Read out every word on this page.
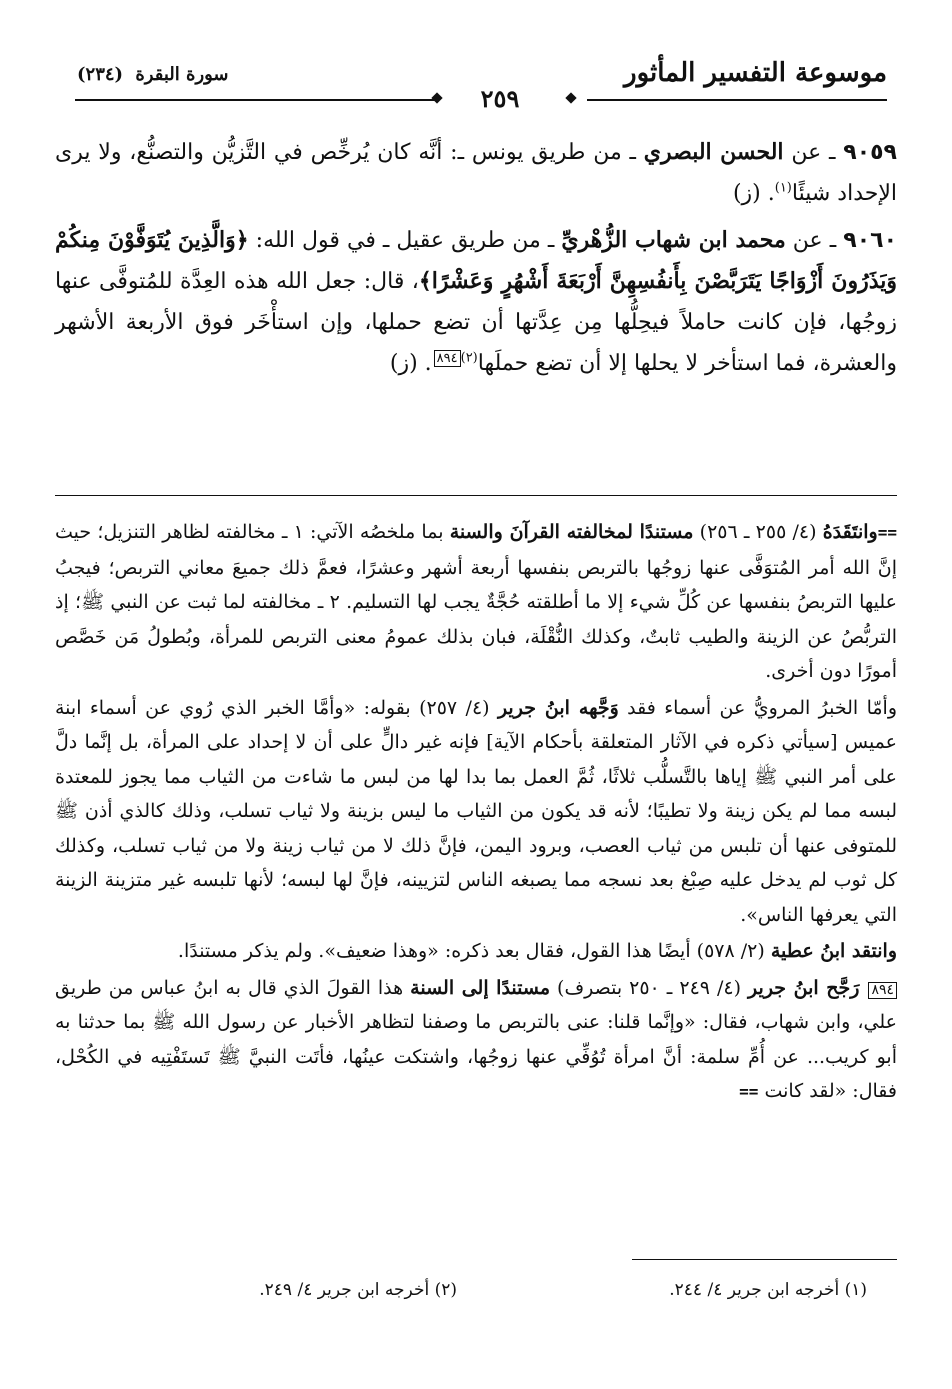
موسوعة التفسير المأثور
سورة البقرة (٢٣٤)
٢٥٩

٩٠٥٩ ـ عن الحسن البصري ـ من طريق يونس ـ: أنَّه كان يُرخِّص في التَّزيُّن والتصنُّع، ولا يرى الإحداد شيئًا$^{(١)}$. (ز)

٩٠٦٠ ـ عن محمد ابن شهاب الزُّهْريِّ ـ من طريق عقيل ـ في قول الله: ﴿وَالَّذِينَ يُتَوَفَّوْنَ مِنكُمْ وَيَذَرُونَ أَزْوَاجًا يَتَرَبَّصْنَ بِأَنفُسِهِنَّ أَرْبَعَةَ أَشْهُرٍ وَعَشْرًا﴾، قال: جعل الله هذه العِدَّة للمُتوفَّى عنها زوجُها، فإن كانت حاملاً فيحِلُّها مِن عِدَّتها أن تضع حملها، وإن استأْخَر فوق الأربعة الأشهر والعشرة، فما استأخر لا يحلها إلا أن تضع حملَها$^{(٢)}$٨٩٤. (ز)

==وانتَقَدَهُ (٤/ ٢٥٥ ـ ٢٥٦) مستندًا لمخالفته القرآنَ والسنة بما ملخصُه الآتي: ١ ـ مخالفته لظاهر التنزيل؛ حيث إنَّ الله أمر المُتوَفَّى عنها زوجُها بالتربص بنفسها أربعة أشهر وعشرًا، فعمَّ ذلك جميعَ معاني التربص؛ فيجبُ عليها التربصُ بنفسها عن كُلِّ شيء إلا ما أطلقته حُجَّةٌ يجب لها التسليم. ٢ ـ مخالفته لما ثبت عن النبي ﷺ؛ إذ التربُّصُ عن الزينة والطيب ثابتٌ، وكذلك النُّقْلَة، فبان بذلك عمومُ معنى التربص للمرأة، وبُطولُ مَن خَصَّص أمورًا دون أخرى.

وأمّا الخبرُ المرويُّ عن أسماء فقد وَجَّهه ابنُ جرير (٤/ ٢٥٧) بقوله: «وأمَّا الخبر الذي رُوي عن أسماء ابنة عميس [سيأتي ذكره في الآثار المتعلقة بأحكام الآية] فإنه غير دالٍّ على أن لا إحداد على المرأة، بل إنَّما دلَّ على أمر النبي ﷺ إياها بالتَّسلُّب ثلاثًا، ثُمَّ العمل بما بدا لها من لبس ما شاءت من الثياب مما يجوز للمعتدة لبسه مما لم يكن زينة ولا تطيبًا؛ لأنه قد يكون من الثياب ما ليس بزينة ولا ثياب تسلب، وذلك كالذي أذن ﷺ للمتوفى عنها أن تلبس من ثياب العصب، وبرود اليمن، فإنَّ ذلك لا من ثياب زينة ولا من ثياب تسلب، وكذلك كل ثوب لم يدخل عليه صِبْغ بعد نسجه مما يصبغه الناس لتزيينه، فإنَّ لها لبسه؛ لأنها تلبسه غير متزينة الزينة التي يعرفها الناس».

وانتقد ابنُ عطية (٢/ ٥٧٨) أيضًا هذا القول، فقال بعد ذكره: «وهذا ضعيف». ولم يذكر مستندًا.

٨٩٤ رَجَّح ابنُ جرير (٤/ ٢٤٩ ـ ٢٥٠ بتصرف) مستندًا إلى السنة هذا القولَ الذي قال به ابنُ عباس من طريق علي، وابن شهاب، فقال: «وإنَّما قلنا: عنى بالتربص ما وصفنا لتظاهر الأخبار عن رسول الله ﷺ بما حدثنا به أبو كريب... عن أُمِّ سلمة: أنَّ امرأة تُوُفِّي عنها زوجُها، واشتكت عينُها، فأتَت النبيَّ ﷺ تَستَفْتِيه في الكُحْل، فقال: «لقد كانت ==

(١) أخرجه ابن جرير ٤/ ٢٤٤.
(٢) أخرجه ابن جرير ٤/ ٢٤٩.
